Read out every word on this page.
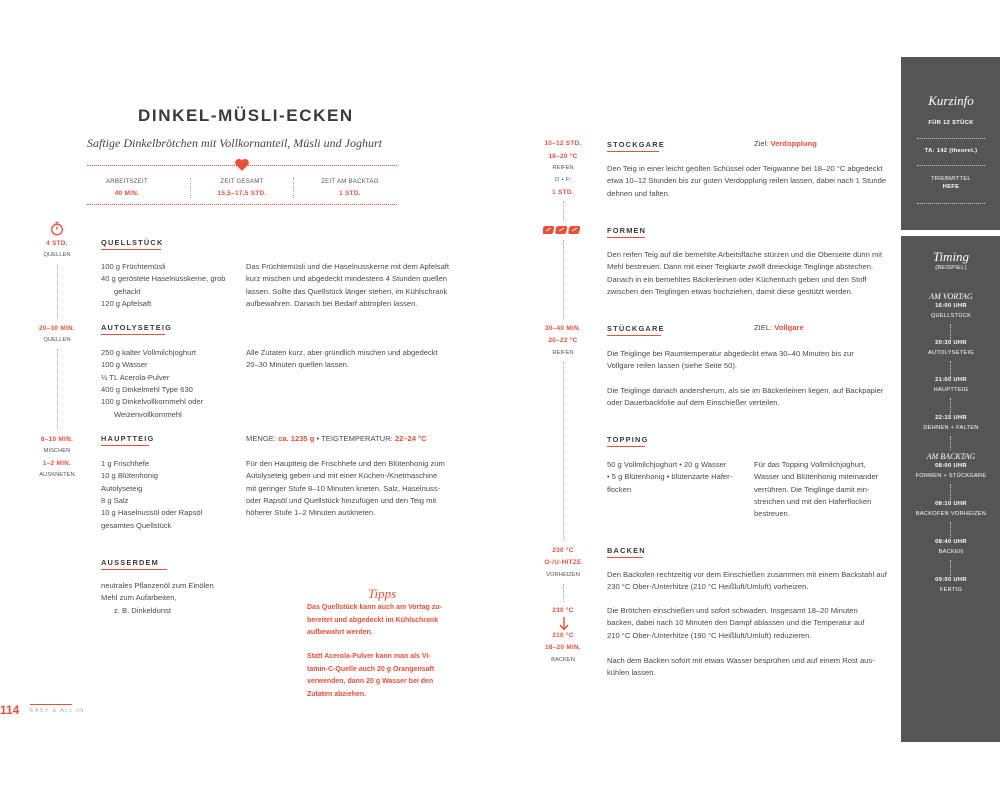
DINKEL-MÜSLI-ECKEN

Saftige Dinkelbrötchen mit Vollkornanteil, Müsli und Joghurt

ARBEITSZEIT
40 MIN.
ZEIT GESAMT
15,5–17,5 STD.
ZEIT AM BACKTAG
1 STD.
4 STD.
QUELLEN
20–30 MIN.
QUELLEN
8–10 MIN.
MISCHEN
1–2 MIN.
AUSKNETEN
QUELLSTÜCK
100 g Früchtemüsli
40 g geröstete Haselnusskerne, grob
gehackt
120 g Apfelsaft
Das Früchtemüsli und die Haselnusskerne mit dem Apfelsaft
kurz mischen und abgedeckt mindestens 4 Stunden quellen
lassen. Sollte das Quellstück länger stehen, im Kühlschrank
aufbewahren. Danach bei Bedarf abtropfen lassen.
AUTOLYSETEIG
250 g kalter Vollmilchjoghurt
100 g Wasser
½ TL Acerola-Pulver
400 g Dinkelmehl Type 630
100 g Dinkelvollkornmehl oder
Weizenvollkornmehl
Alle Zutaten kurz, aber gründlich mischen und abgedeckt
20–30 Minuten quellen lassen.
HAUPTTEIG	MENGE: ca. 1235 g • TEIGTEMPERATUR: 22–24 °C
1 g Frischhefe
10 g Blütenhonig
Autolyseteig
8 g Salz
10 g Haselnussöl oder Rapsöl
gesamtes Quellstück
Für den Hauptteig die Frischhefe und den Blütenhonig zum
Autolyseteig geben und mit einer Küchen-/Knetmaschine
mit geringer Stufe 8–10 Minuten kneten. Salz, Haselnuss-
oder Rapsöl und Quellstück hinzufügen und den Teig mit
höherer Stufe 1–2 Minuten auskneten.
AUSSERDEM
neutrales Pflanzenöl zum Einölen
Mehl zum Aufarbeiten,
z. B. Dinkeldunst
Tipps
Das Quellstück kann auch am Vortag zu-
bereitet und abgedeckt im Kühlschrank
aufbewahrt werden.
Statt Acerola-Pulver kann man als Vi-
tamin-C-Quelle auch 20 g Orangensaft
verwenden, dann 20 g Wasser bei den
Zutaten abziehen.
114 EASY & ALL IN
10–12 STD.
18–20 °C
REIFEN
D + F:
1 STD.
30–40 MIN.
20–22 °C
REIFEN
230 °C
O-/U-HITZE
VORHEIZEN
230 °C
210 °C
18–20 MIN.
BACKEN
STOCKGARE	Ziel: Verdopplung
Den Teig in einer leicht geölten Schüssel oder Teigwanne bei 18–20 °C abgedeckt
etwa 10–12 Stunden bis zur guten Verdopplung reifen lassen, dabei nach 1 Stunde
dehnen und falten.
FORMEN
Den reifen Teig auf die bemehlte Arbeitsfläche stürzen und die Oberseite dünn mit
Mehl bestreuen. Dann mit einer Teigkarte zwölf dreieckige Teiglinge abstechen.
Danach in ein bemehltes Bäckerleinen oder Küchentuch geben und den Stoff
zwischen den Teiglingen etwas hochziehen, damit diese gestützt werden.
STÜCKGARE	ZIEL: Vollgare
Die Teiglinge bei Raumtemperatur abgedeckt etwa 30–40 Minuten bis zur
Vollgare reifen lassen (siehe Seite 50).
Die Teiglinge danach andersherum, als sie im Bäckerleinen liegen, auf Backpapier
oder Dauerbackfolie auf dem Einschießer verteilen.
TOPPING
50 g Vollmilchjoghurt • 20 g Wasser
• 5 g Blütenhonig • blütenzarte Hafer-
flocken
Für das Topping Vollmilchjoghurt,
Wasser und Blütenhonig miteinander
verrühren. Die Teiglinge damit ein-
streichen und mit den Haferflocken
bestreuen.
BACKEN
Den Backofen rechtzeitig vor dem Einschießen zusammen mit einem Backstahl auf
230 °C Ober-/Unterhitze (210 °C Heißluft/Umluft) vorheizen.
Die Brötchen einschießen und sofort schwaden. Insgesamt 18–20 Minuten
backen, dabei nach 10 Minuten den Dampf ablassen und die Temperatur auf
210 °C Ober-/Unterhitze (190 °C Heißluft/Umluft) reduzieren.
Nach dem Backen sofort mit etwas Wasser besprühen und auf einem Rost aus-
kühlen lassen.
Kurzinfo
FÜR 12 STÜCK
TA: 142 (theoret.)
TRIEBMITTEL
HEFE
Timing
(BEISPIEL)
AM VORTAG
16:00 UHR
QUELLSTÜCK
20:30 UHR
AUTOLYSETEIG
21:00 UHR
HAUPTTEIG
22:15 UHR
DEHNEN + FALTEN
AM BACKTAG
08:00 UHR
FORMEN + STÜCKGARE
08:10 UHR
BACKOFEN VORHEIZEN
08:40 UHR
BACKEN
09:00 UHR
FERTIG
